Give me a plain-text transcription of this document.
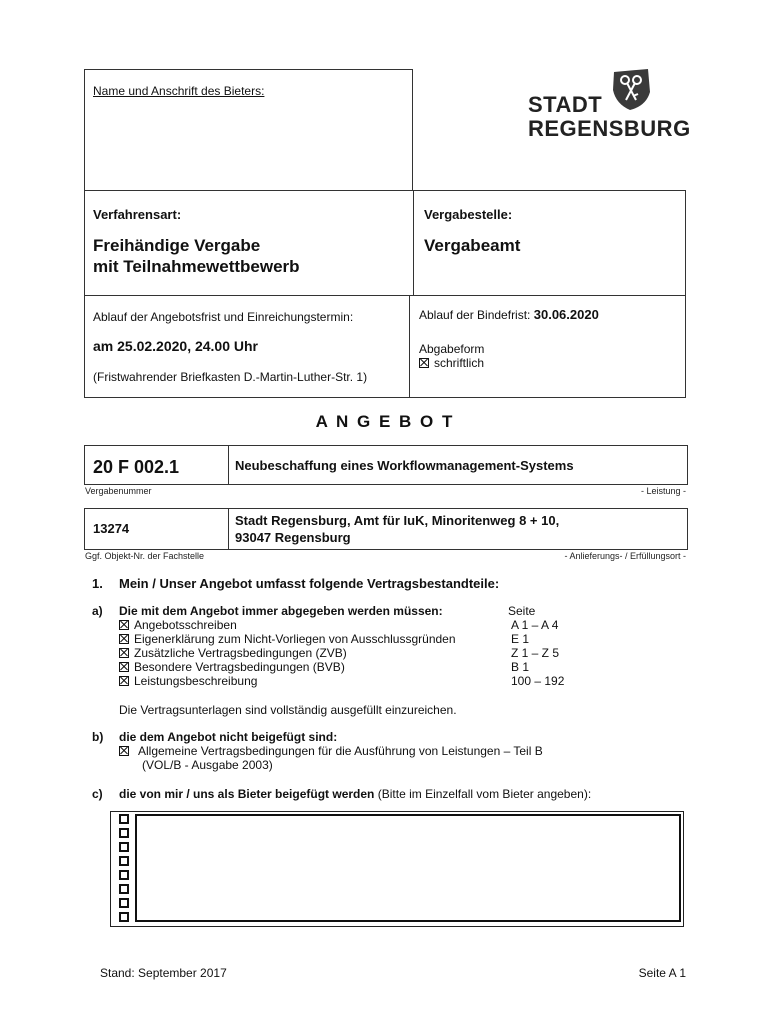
Name und Anschrift des Bieters:
STADT
REGENSBURG
Verfahrensart:
Freihändige Vergabe
mit Teilnahmewettbewerb
Vergabestelle:
Vergabeamt
Ablauf der Angebotsfrist und Einreichungstermin:
am 25.02.2020, 24.00 Uhr
(Fristwahrender Briefkasten D.-Martin-Luther-Str. 1)
Ablauf der Bindefrist: 30.06.2020
Abgabeform
schriftlich
A N G E B O T
20 F 002.1	Neubeschaffung eines Workflowmanagement-Systems
Vergabenummer	- Leistung -
13274
Stadt Regensburg, Amt für IuK, Minoritenweg 8 + 10,
93047 Regensburg
Ggf. Objekt-Nr. der Fachstelle	- Anlieferungs- / Erfüllungsort -
1. Mein / Unser Angebot umfasst folgende Vertragsbestandteile:
a) Die mit dem Angebot immer abgegeben werden müssen:	Seite
Angebotsschreiben	A 1 – A 4
Eigenerklärung zum Nicht-Vorliegen von Ausschlussgründen	E 1
Zusätzliche Vertragsbedingungen (ZVB)	Z 1 – Z 5
Besondere Vertragsbedingungen (BVB)	B 1
Leistungsbeschreibung	100 – 192
Die Vertragsunterlagen sind vollständig ausgefüllt einzureichen.
b) die dem Angebot nicht beigefügt sind:
Allgemeine Vertragsbedingungen für die Ausführung von Leistungen – Teil B
(VOL/B - Ausgabe 2003)
c) die von mir / uns als Bieter beigefügt werden (Bitte im Einzelfall vom Bieter angeben):
Stand: September 2017	Seite A 1
